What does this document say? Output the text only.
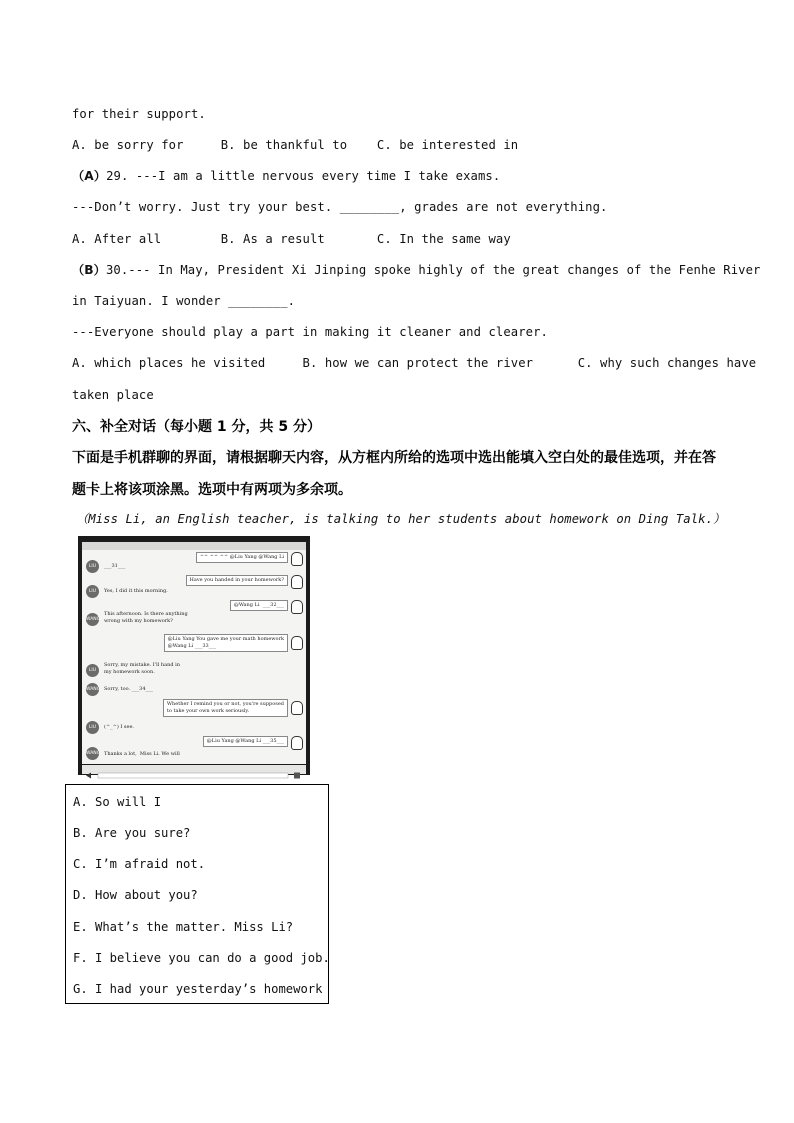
for their support.
A. be sorry for     B. be thankful to    C. be interested in
（A）29. ---I am a little nervous every time I take exams.
---Don’t worry. Just try your best. ________, grades are not everything.
A. After all        B. As a result       C. In the same way
（B）30.--- In May, President Xi Jinping spoke highly of the great changes of the Fenhe River
in Taiyuan. I wonder ________.
---Everyone should play a part in making it cleaner and clearer.
A. which places he visited     B. how we can protect the river      C. why such changes have
taken place
六、补全对话（每小题 1 分，共 5 分）
下面是手机群聊的界面，请根据聊天内容，从方框内所给的选项中选出能填入空白处的最佳选项，并在答
题卡上将该项涂黑。选项中有两项为多余项。
（Miss Li, an English teacher, is talking to her students about homework on Ding Talk.）
^^ ^^ ^^ @Liu Yang @Wang Li
LIU	___31___
Have you handed in your homework?
LIU	Yes, I did it this morning.
@Wang Li  ___32___
WANG
This afternoon. Is there anything
wrong with my homework?
@Liu Yang You gave me your math homework
@Wang Li ___33___
LIU
Sorry, my mistake. I'll hand in
my homework soon.
WANG Sorry, too. ___34___
Whether I remind you or not, you're supposed
to take your own work seriously.
LIU	(^_^) I see.
@Liu Yang @Wang Li ___35___
WANG Thanks a lot,  Miss Li. We will
A. So will I
B. Are you sure?
C. I’m afraid not.
D. How about you?
E. What’s the matter. Miss Li?
F. I believe you can do a good job.
G. I had your yesterday’s homework
